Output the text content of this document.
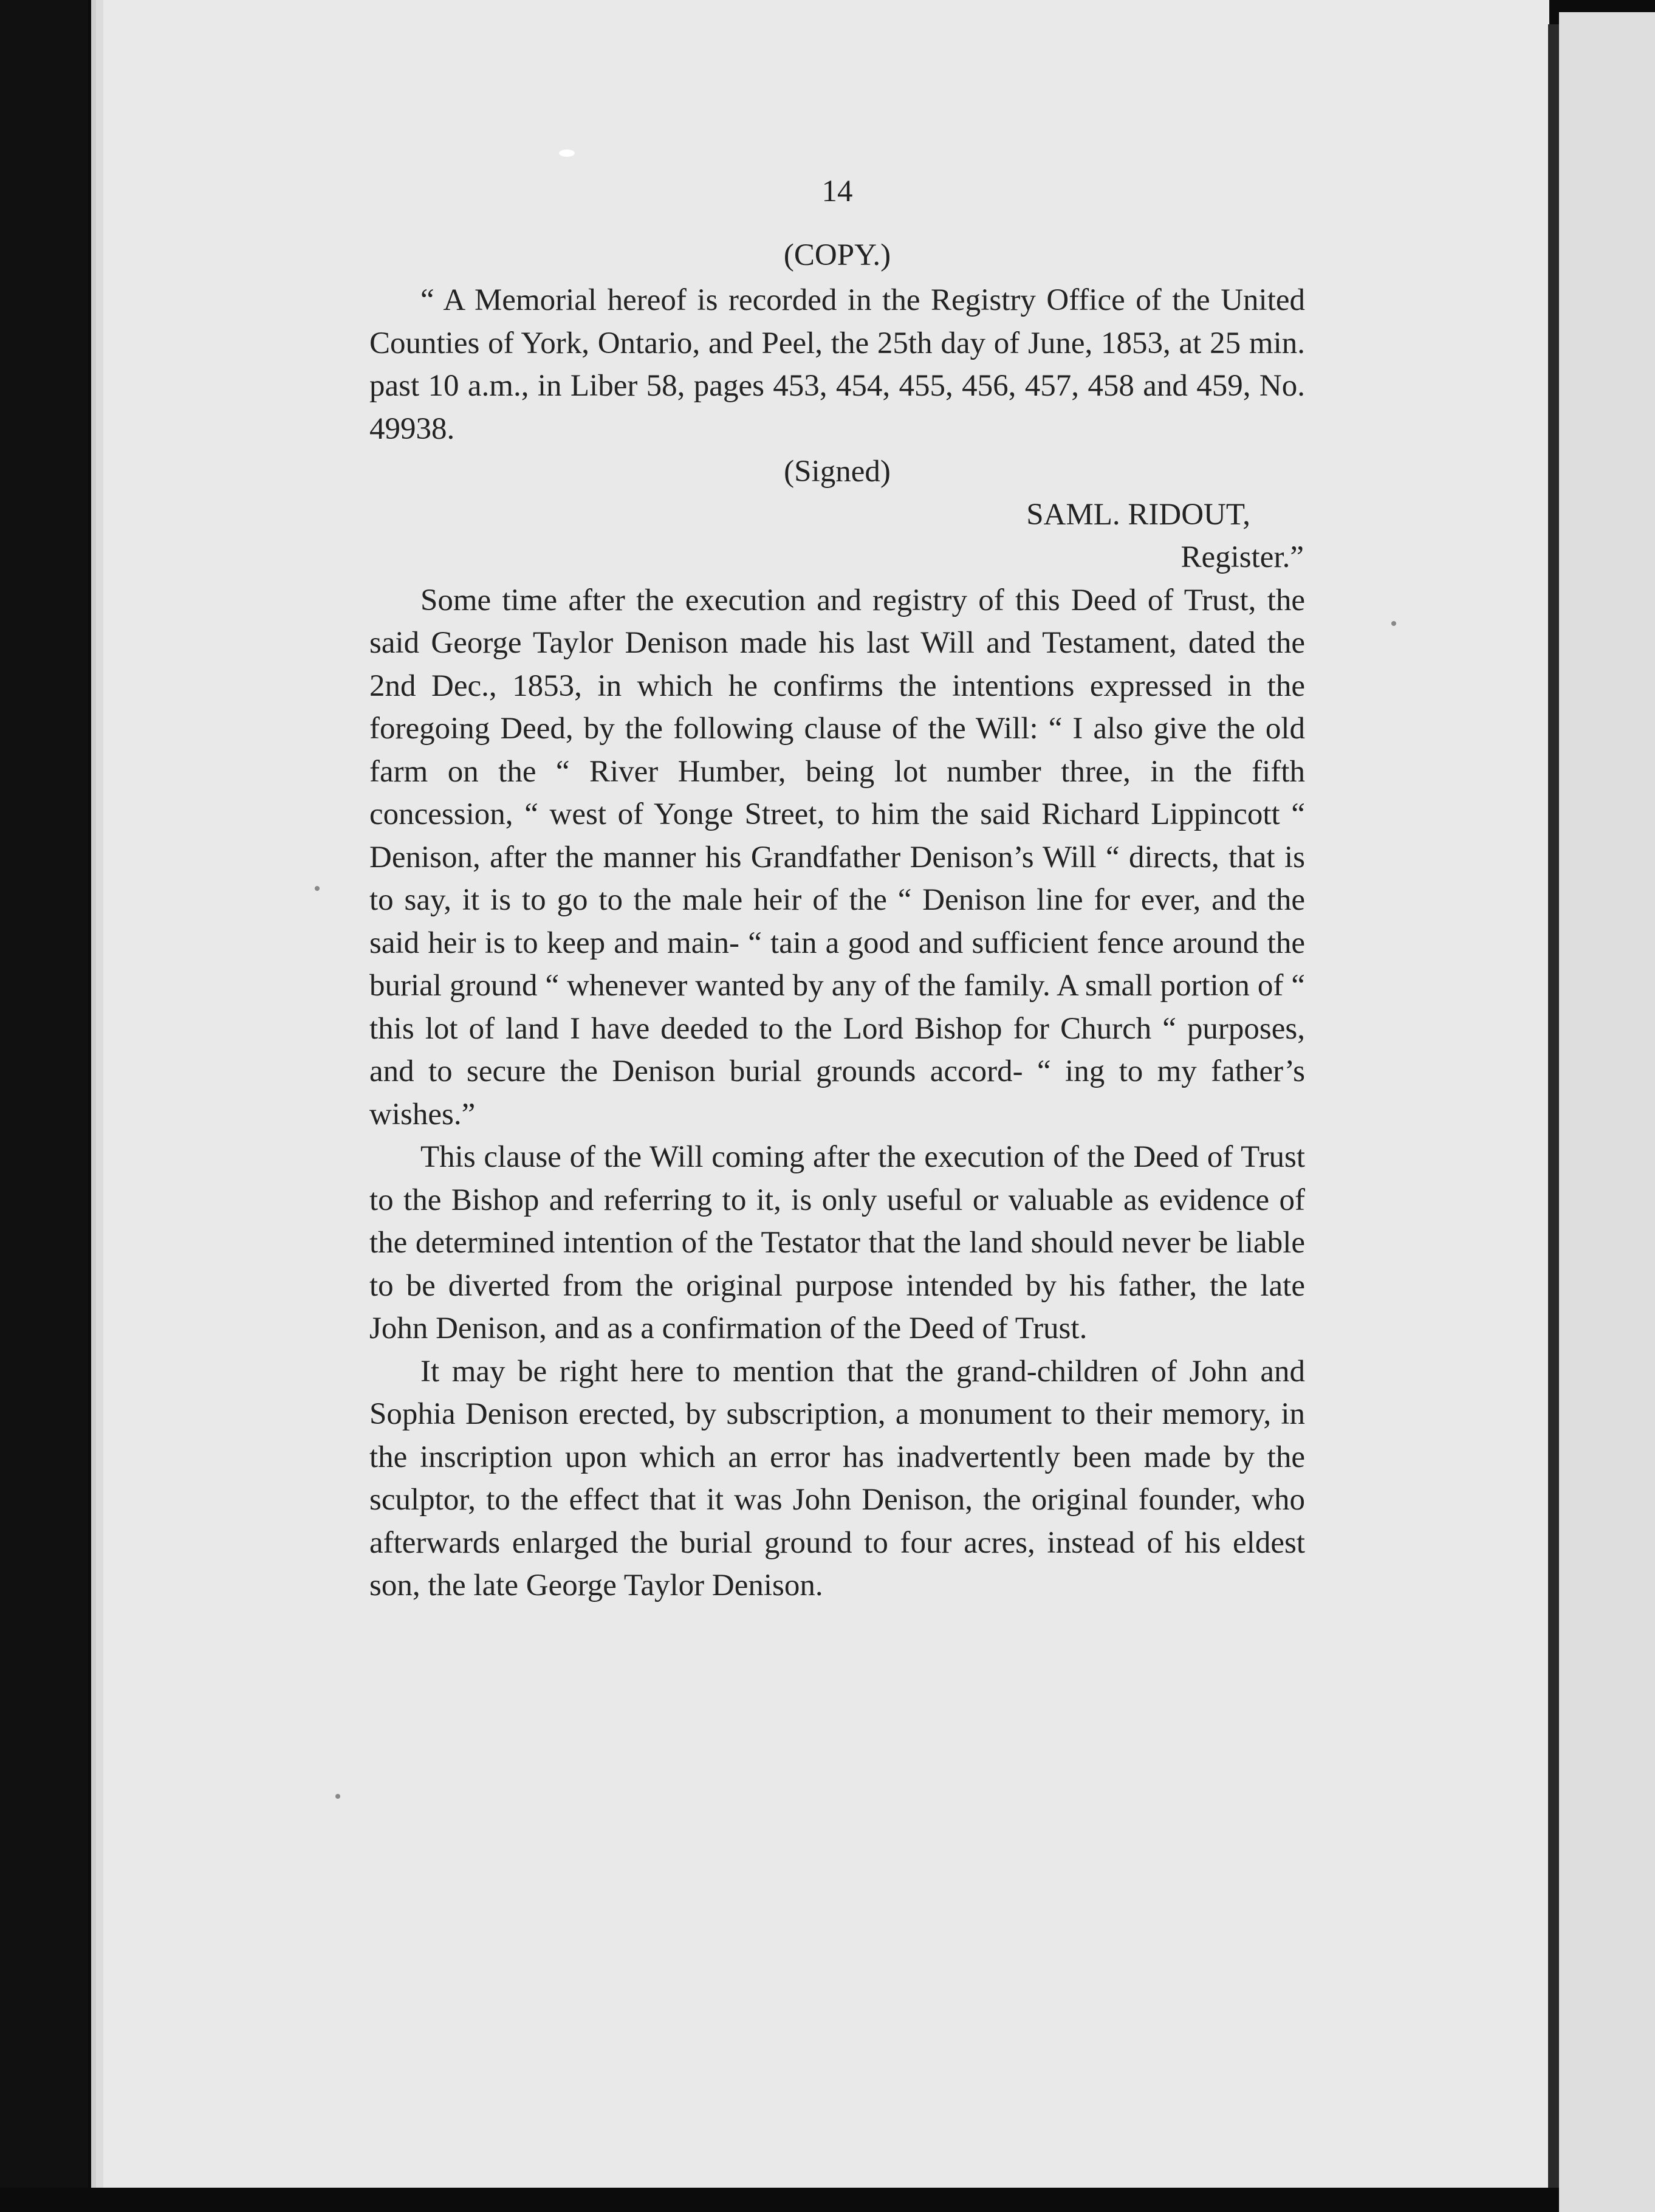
14
(COPY.)

“ A Memorial hereof is recorded in the Registry Office of the United Counties of York, Ontario, and Peel, the 25th day of June, 1853, at 25 min. past 10 a.m., in Liber 58, pages 453, 454, 455, 456, 457, 458 and 459, No. 49938.

(Signed)
SAML. RIDOUT,
Register.”

Some time after the execution and registry of this Deed of Trust, the said George Taylor Denison made his last Will and Testament, dated the 2nd Dec., 1853, in which he confirms the intentions expressed in the foregoing Deed, by the following clause of the Will: “ I also give the old farm on the “ River Humber, being lot number three, in the fifth concession, “ west of Yonge Street, to him the said Richard Lippincott “ Denison, after the manner his Grandfather Denison’s Will “ directs, that is to say, it is to go to the male heir of the “ Denison line for ever, and the said heir is to keep and main- “ tain a good and sufficient fence around the burial ground “ whenever wanted by any of the family. A small portion of “ this lot of land I have deeded to the Lord Bishop for Church “ purposes, and to secure the Denison burial grounds accord- “ ing to my father’s wishes.”

This clause of the Will coming after the execution of the Deed of Trust to the Bishop and referring to it, is only useful or valuable as evidence of the determined intention of the Testator that the land should never be liable to be diverted from the original purpose intended by his father, the late John Denison, and as a confirmation of the Deed of Trust.

It may be right here to mention that the grand-children of John and Sophia Denison erected, by subscription, a monument to their memory, in the inscription upon which an error has inadvertently been made by the sculptor, to the effect that it was John Denison, the original founder, who afterwards enlarged the burial ground to four acres, instead of his eldest son, the late George Taylor Denison.
